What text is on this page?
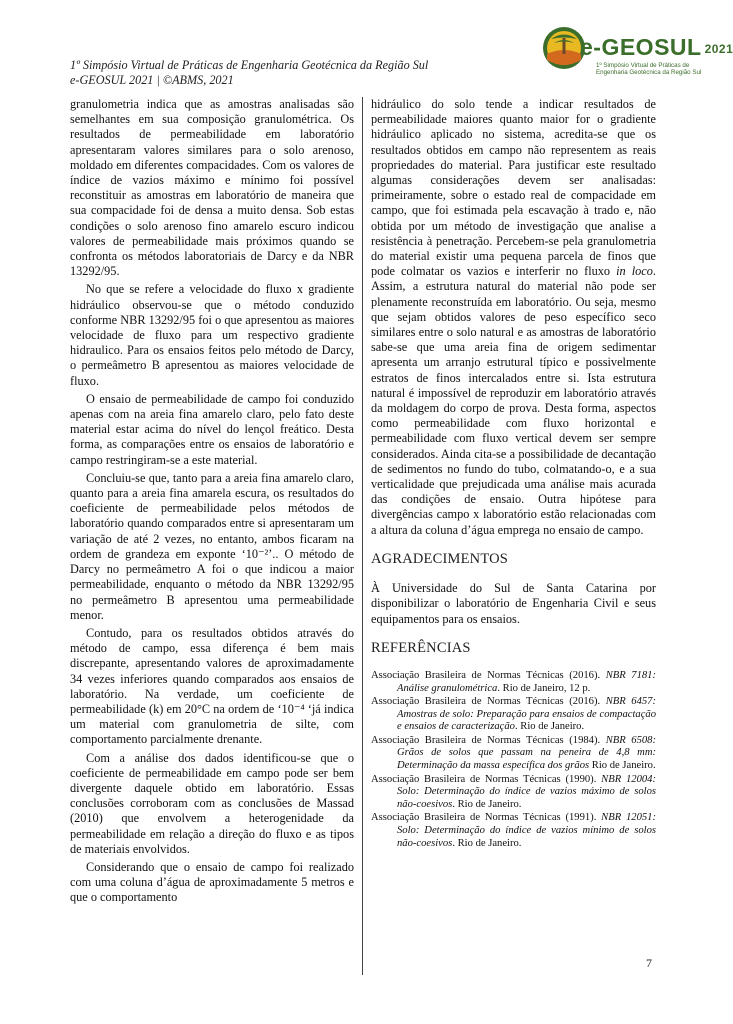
1º Simpósio Virtual de Práticas de Engenharia Geotécnica da Região Sul
e-GEOSUL 2021 | ©ABMS, 2021
e-GEOSUL 2021
1º Simpósio Virtual de Práticas de
Engenharia Geotécnica da Região Sul

granulometria indica que as amostras analisadas são semelhantes em sua composição granulométrica. Os resultados de permeabilidade em laboratório apresentaram valores similares para o solo arenoso, moldado em diferentes compacidades. Com os valores de índice de vazios máximo e mínimo foi possível reconstituir as amostras em laboratório de maneira que sua compacidade foi de densa a muito densa. Sob estas condições o solo arenoso fino amarelo escuro indicou valores de permeabilidade mais próximos quando se confronta os métodos laboratoriais de Darcy e da NBR 13292/95.

No que se refere a velocidade do fluxo x gradiente hidráulico observou-se que o método conduzido conforme NBR 13292/95 foi o que apresentou as maiores velocidade de fluxo para um respectivo gradiente hidraulico. Para os ensaios feitos pelo método de Darcy, o permeâmetro B apresentou as maiores velocidade de fluxo.

O ensaio de permeabilidade de campo foi conduzido apenas com na areia fina amarelo claro, pelo fato deste material estar acima do nível do lençol freático. Desta forma, as comparações entre os ensaios de laboratório e campo restringiram-se a este material.

Concluiu-se que, tanto para a areia fina amarelo claro, quanto para a areia fina amarela escura, os resultados do coeficiente de permeabilidade pelos métodos de laboratório quando comparados entre si apresentaram um variação de até 2 vezes, no entanto, ambos ficaram na ordem de grandeza em exponte ‘10⁻²’.. O método de Darcy no permeâmetro A foi o que indicou a maior permeabilidade, enquanto o método da NBR 13292/95 no permeâmetro B apresentou uma permeabilidade menor.

Contudo, para os resultados obtidos através do método de campo, essa diferença é bem mais discrepante, apresentando valores de aproximadamente 34 vezes inferiores quando comparados aos ensaios de laboratório. Na verdade, um coeficiente de permeabilidade (k) em 20°C na ordem de ‘10⁻⁴ ‘já indica um material com granulometria de silte, com comportamento parcialmente drenante.

Com a análise dos dados identificou-se que o coeficiente de permeabilidade em campo pode ser bem divergente daquele obtido em laboratório. Essas conclusões corroboram com as conclusões de Massad (2010) que envolvem a heterogenidade da permeabilidade em relação a direção do fluxo e as tipos de materiais envolvidos.

Considerando que o ensaio de campo foi realizado com uma coluna d’água de aproximadamente 5 metros e que o comportamento

hidráulico do solo tende a indicar resultados de permeabilidade maiores quanto maior for o gradiente hidráulico aplicado no sistema, acredita-se que os resultados obtidos em campo não representem as reais propriedades do material. Para justificar este resultado algumas considerações devem ser analisadas: primeiramente, sobre o estado real de compacidade em campo, que foi estimada pela escavação à trado e, não obtida por um método de investigação que analise a resistência à penetração. Percebem-se pela granulometria do material existir uma pequena parcela de finos que pode colmatar os vazios e interferir no fluxo in loco. Assim, a estrutura natural do material não pode ser plenamente reconstruída em laboratório. Ou seja, mesmo que sejam obtidos valores de peso específico seco similares entre o solo natural e as amostras de laboratório sabe-se que uma areia fina de origem sedimentar apresenta um arranjo estrutural típico e possivelmente estratos de finos intercalados entre si. Ista estrutura natural é impossível de reproduzir em laboratório através da moldagem do corpo de prova. Desta forma, aspectos como permeabilidade com fluxo horizontal e permeabilidade com fluxo vertical devem ser sempre considerados. Ainda cita-se a possibilidade de decantação de sedimentos no fundo do tubo, colmatando-o, e a sua verticalidade que prejudicada uma análise mais acurada das condições de ensaio. Outra hipótese para divergências campo x laboratório estão relacionadas com a altura da coluna d’água emprega no ensaio de campo.

AGRADECIMENTOS

À Universidade do Sul de Santa Catarina por disponibilizar o laboratório de Engenharia Civil e seus equipamentos para os ensaios.

REFERÊNCIAS
Associação Brasileira de Normas Técnicas (2016). NBR 7181: Análise granulométrica. Rio de Janeiro, 12 p.
Associação Brasileira de Normas Técnicas (2016). NBR 6457: Amostras de solo: Preparação para ensaios de compactação e ensaios de caracterização. Rio de Janeiro.
Associação Brasileira de Normas Técnicas (1984). NBR 6508: Grãos de solos que passam na peneira de 4,8 mm: Determinação da massa específica dos grãos Rio de Janeiro.
Associação Brasileira de Normas Técnicas (1990). NBR 12004: Solo: Determinação do índice de vazios máximo de solos não-coesivos. Rio de Janeiro.
Associação Brasileira de Normas Técnicas (1991). NBR 12051: Solo: Determinação do índice de vazios mínimo de solos não-coesivos. Rio de Janeiro.
7
